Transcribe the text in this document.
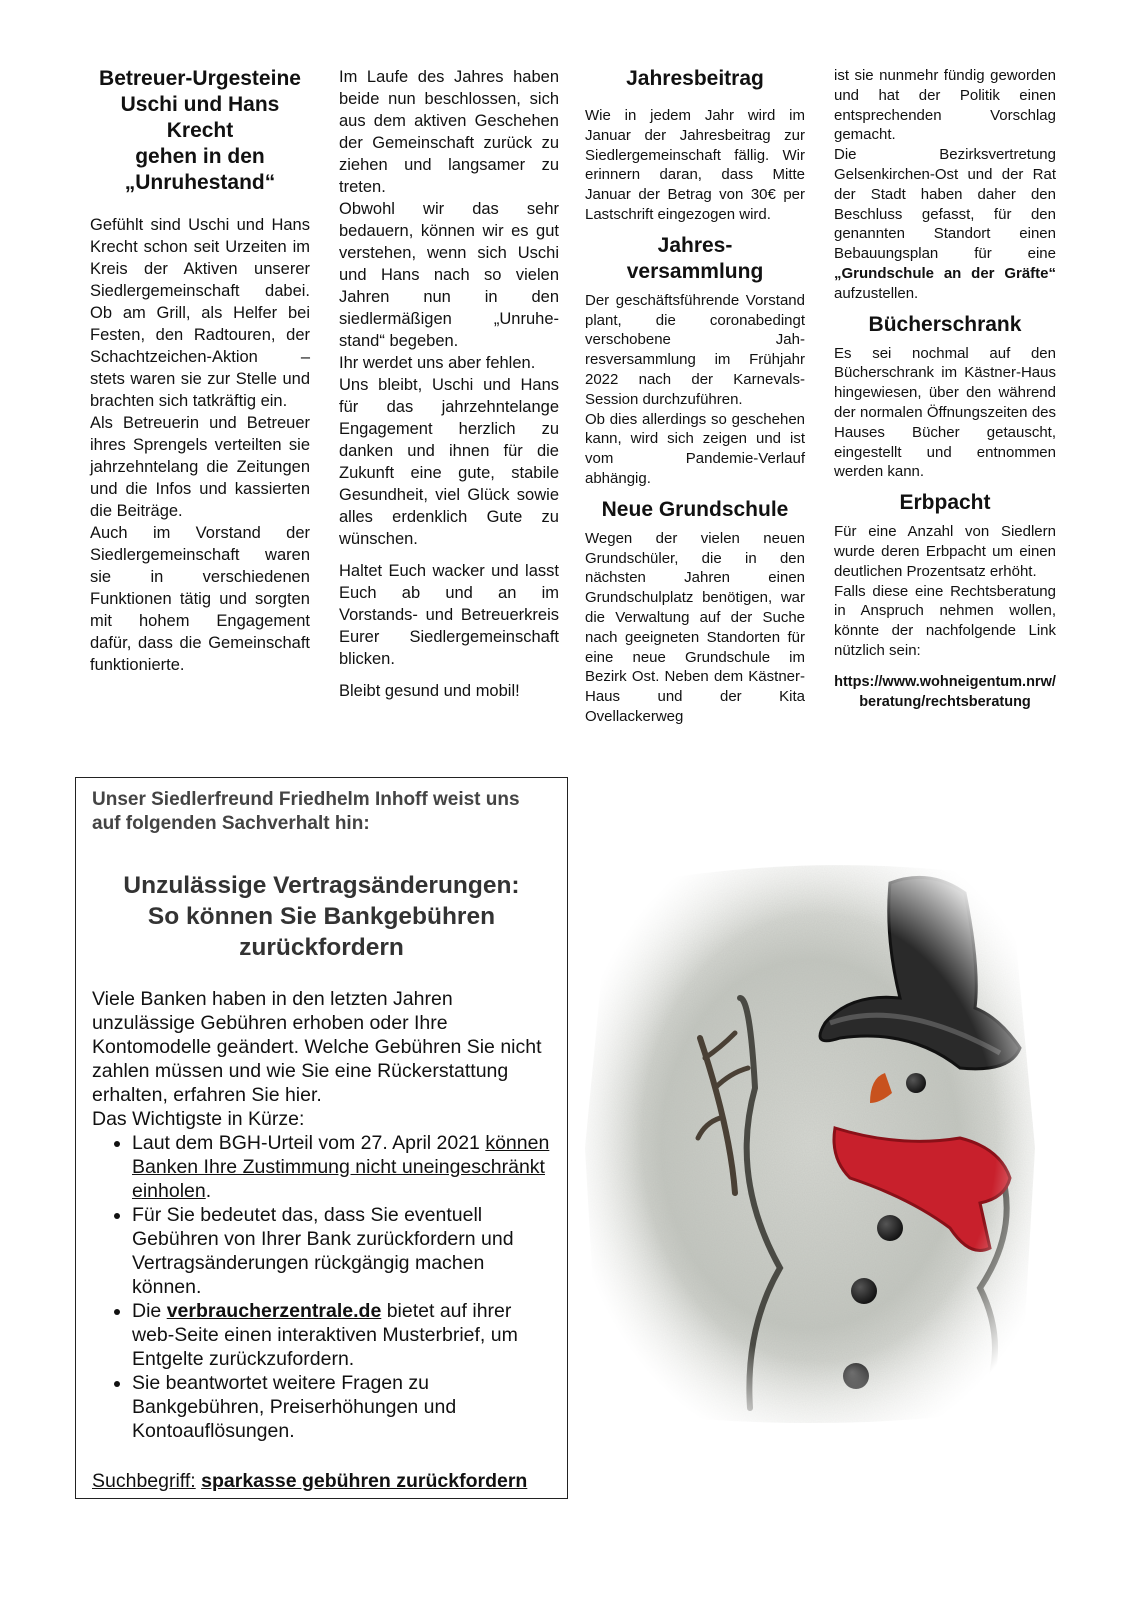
Betreuer-Urgesteine
Uschi und Hans
Krecht
gehen in den
„Unruhestand“

Gefühlt sind Uschi und Hans Krecht schon seit Urzeiten im Kreis der Aktiven unserer Siedlergemeinschaft dabei. Ob am Grill, als Helfer bei Festen, den Radtouren, der Schachtzeichen-Aktion – stets waren sie zur Stelle und brachten sich tatkräftig ein.

Als Betreuerin und Betreuer ihres Sprengels verteilten sie jahrzehntelang die Zeitungen und die Infos und kassierten die Beiträge.

Auch im Vorstand der Siedlergemeinschaft waren sie in verschiedenen Funktionen tätig und sorgten mit hohem Engagement dafür, dass die Gemeinschaft funktionierte.

Im Laufe des Jahres haben beide nun beschlossen, sich aus dem aktiven Geschehen der Gemeinschaft zurück zu ziehen und langsamer zu treten.

Obwohl wir das sehr bedauern, können wir es gut verstehen, wenn sich Uschi und Hans nach so vielen Jahren nun in den siedlermäßigen „Unruhestand“ begeben.

Ihr werdet uns aber fehlen.

Uns bleibt, Uschi und Hans für das jahrzehntelange Engagement herzlich zu danken und ihnen für die Zukunft eine gute, stabile Gesundheit, viel Glück sowie alles erdenklich Gute zu wünschen.

Haltet Euch wacker und lasst Euch ab und an im Vorstands- und Betreuerkreis Eurer Siedlergemeinschaft blicken.

Bleibt gesund und mobil!

Jahresbeitrag

Wie in jedem Jahr wird im Januar der Jahresbeitrag zur Siedlergemeinschaft fällig. Wir erinnern daran, dass Mitte Januar der Betrag von 30€ per Lastschrift eingezogen wird.

Jahres-
versammlung

Der geschäftsführende Vorstand plant, die coronabedingt verschobene Jahresversammlung im Frühjahr 2022 nach der Karnevals-Session durchzuführen.

Ob dies allerdings so geschehen kann, wird sich zeigen und ist vom Pandemie-Verlauf abhängig.

Neue Grundschule

Wegen der vielen neuen Grundschüler, die in den nächsten Jahren einen Grundschulplatz benötigen, war die Verwaltung auf der Suche nach geeigneten Standorten für eine neue Grundschule im Bezirk Ost. Neben dem Kästner-Haus und der Kita Ovellackerweg

ist sie nunmehr fündig geworden und hat der Politik einen entsprechenden Vorschlag gemacht.

Die Bezirksvertretung Gelsenkirchen-Ost und der Rat der Stadt haben daher den Beschluss gefasst, für den genannten Standort einen Bebauungsplan für eine „Grundschule an der Gräfte“ aufzustellen.

Bücherschrank

Es sei nochmal auf den Bücherschrank im Kästner-Haus hingewiesen, über den während der normalen Öffnungszeiten des Hauses Bücher getauscht, eingestellt und entnommen werden kann.

Erbpacht

Für eine Anzahl von Siedlern wurde deren Erbpacht um einen deutlichen Prozentsatz erhöht.

Falls diese eine Rechtsberatung in Anspruch nehmen wollen, könnte der nachfolgende Link nützlich sein:

https://www.wohneigentum.nrw/
beratung/rechtsberatung

Unser Siedlerfreund Friedhelm Inhoff weist uns auf folgenden Sachverhalt hin:

Unzulässige Vertragsänderungen:
So können Sie Bankgebühren
zurückfordern

Viele Banken haben in den letzten Jahren unzulässige Gebühren erhoben oder Ihre Kontomodelle geändert. Welche Gebühren Sie nicht zahlen müssen und wie Sie eine Rückerstattung erhalten, erfahren Sie hier.

Das Wichtigste in Kürze:

• Laut dem BGH-Urteil vom 27. April 2021 können Banken Ihre Zustimmung nicht uneingeschränkt einholen.
• Für Sie bedeutet das, dass Sie eventuell Gebühren von Ihrer Bank zurückfordern und Vertragsänderungen rückgängig machen können.
• Die verbraucherzentrale.de bietet auf ihrer web-Seite einen interaktiven Musterbrief, um Entgelte zurückzufordern.
• Sie beantwortet weitere Fragen zu Bankgebühren, Preiserhöhungen und Kontoauflösungen.

Suchbegriff: sparkasse gebühren zurückfordern
